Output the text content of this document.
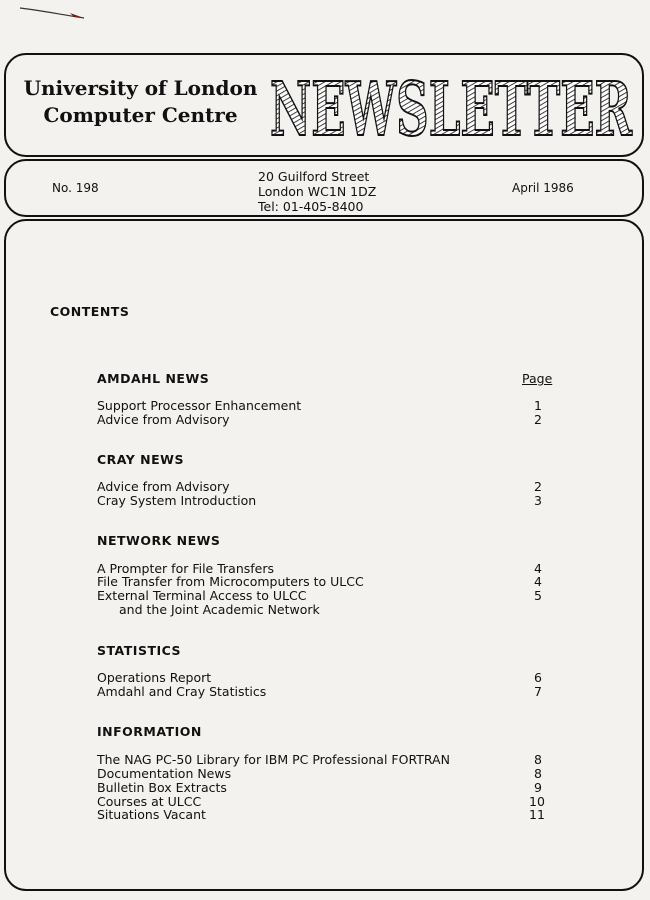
University of London
Computer Centre NEWSLETTER
No. 198
20 Guilford Street
London WC1N 1DZ
Tel: 01-405-8400
April 1986
CONTENTS
Page
AMDAHL NEWS
Support Processor Enhancement	1
Advice from Advisory	2
CRAY NEWS
Advice from Advisory	2
Cray System Introduction	3
NETWORK NEWS
A Prompter for File Transfers	4
File Transfer from Microcomputers to ULCC	4
External Terminal Access to ULCC	5
and the Joint Academic Network
STATISTICS
Operations Report	6
Amdahl and Cray Statistics	7
INFORMATION
The NAG PC-50 Library for IBM PC Professional FORTRAN	8
Documentation News	8
Bulletin Box Extracts	9
Courses at ULCC	10
Situations Vacant	11
